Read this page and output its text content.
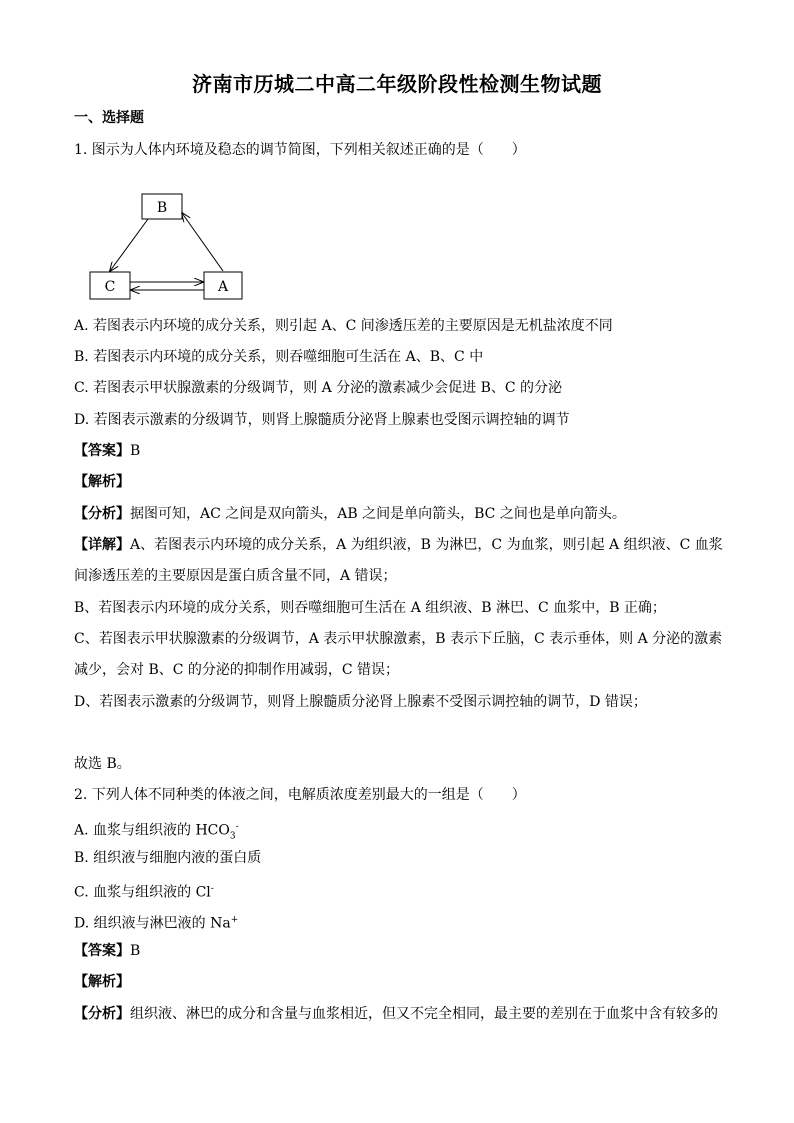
济南市历城二中高二年级阶段性检测生物试题
一、选择题
1. 图示为人体内环境及稳态的调节简图，下列相关叙述正确的是（　　）
B
C	A
A. 若图表示内环境的成分关系，则引起 A、C 间渗透压差的主要原因是无机盐浓度不同
B. 若图表示内环境的成分关系，则吞噬细胞可生活在 A、B、C 中
C. 若图表示甲状腺激素的分级调节，则 A 分泌的激素减少会促进 B、C 的分泌
D. 若图表示激素的分级调节，则肾上腺髓质分泌肾上腺素也受图示调控轴的调节
【答案】B
【解析】
【分析】据图可知，AC 之间是双向箭头，AB 之间是单向箭头，BC 之间也是单向箭头。
【详解】A、若图表示内环境的成分关系，A 为组织液，B 为淋巴，C 为血浆，则引起 A 组织液、C 血浆
间渗透压差的主要原因是蛋白质含量不同，A 错误；
B、若图表示内环境的成分关系，则吞噬细胞可生活在 A 组织液、B 淋巴、C 血浆中，B 正确；
C、若图表示甲状腺激素的分级调节，A 表示甲状腺激素，B 表示下丘脑，C 表示垂体，则 A 分泌的激素
减少，会对 B、C 的分泌的抑制作用减弱，C 错误；
D、若图表示激素的分级调节，则肾上腺髓质分泌肾上腺素不受图示调控轴的调节，D 错误；
故选 B。
2. 下列人体不同种类的体液之间，电解质浓度差别最大的一组是（　　）
A. 血浆与组织液的 $HCO_3^-$
B. 组织液与细胞内液的蛋白质
C. 血浆与组织液的 Cl-
D. 组织液与淋巴液的 Na+
【答案】B
【解析】
【分析】组织液、淋巴的成分和含量与血浆相近，但又不完全相同，最主要的差别在于血浆中含有较多的
